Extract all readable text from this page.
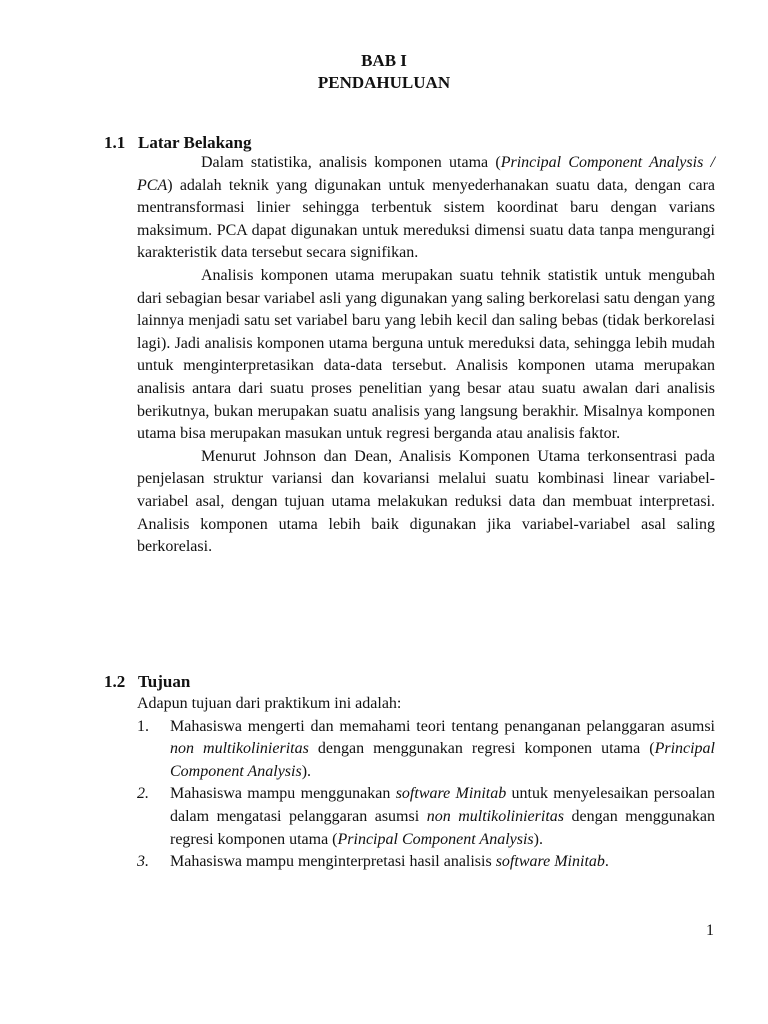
BAB I
PENDAHULUAN
1.1 Latar Belakang

Dalam statistika, analisis komponen utama (Principal Component Analysis / PCA) adalah teknik yang digunakan untuk menyederhanakan suatu data, dengan cara mentransformasi linier sehingga terbentuk sistem koordinat baru dengan varians maksimum. PCA dapat digunakan untuk mereduksi dimensi suatu data tanpa mengurangi karakteristik data tersebut secara signifikan.

Analisis komponen utama merupakan suatu tehnik statistik untuk mengubah dari sebagian besar variabel asli yang digunakan yang saling berkorelasi satu dengan yang lainnya menjadi satu set variabel baru yang lebih kecil dan saling bebas (tidak berkorelasi lagi). Jadi analisis komponen utama berguna untuk mereduksi data, sehingga lebih mudah untuk menginterpretasikan data-data tersebut. Analisis komponen utama merupakan analisis antara dari suatu proses penelitian yang besar atau suatu awalan dari analisis berikutnya, bukan merupakan suatu analisis yang langsung berakhir. Misalnya komponen utama bisa merupakan masukan untuk regresi berganda atau analisis faktor.

Menurut Johnson dan Dean, Analisis Komponen Utama terkonsentrasi pada penjelasan struktur variansi dan kovariansi melalui suatu kombinasi linear variabel-variabel asal, dengan tujuan utama melakukan reduksi data dan membuat interpretasi. Analisis komponen utama lebih baik digunakan jika variabel-variabel asal saling berkorelasi.

1.2 Tujuan
Adapun tujuan dari praktikum ini adalah:
1. Mahasiswa mengerti dan memahami teori tentang penanganan pelanggaran asumsi non multikolinieritas dengan menggunakan regresi komponen utama (Principal Component Analysis).
2. Mahasiswa mampu menggunakan software Minitab untuk menyelesaikan persoalan dalam mengatasi pelanggaran asumsi non multikolinieritas dengan menggunakan regresi komponen utama (Principal Component Analysis).
3. Mahasiswa mampu menginterpretasi hasil analisis software Minitab.
1
